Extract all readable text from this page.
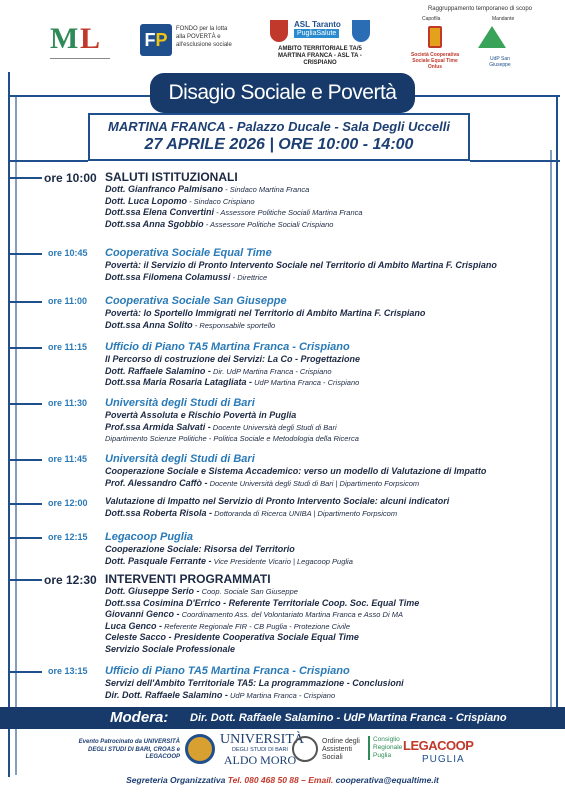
M L FP
FONDO per la lotta alla POVERTÀ e all'esclusione sociale
ASL Taranto
PugliaSalute
AMBITO TERRITORIALE TA/5 MARTINA FRANCA - ASL TA - CRISPIANO
Raggruppamento temporaneo di scopo
Capofila	Mandante
Società Cooperativa Sociale Equal Time Onlus
UdP San Giuseppe
Disagio Sociale e Povertà
MARTINA FRANCA - Palazzo Ducale - Sala Degli Uccelli
27 APRILE 2026 | ORE 10:00 - 14:00
ore 10:00 SALUTI ISTITUZIONALI
Dott. Gianfranco Palmisano - Sindaco Martina Franca
Dott. Luca Lopomo - Sindaco Crispiano
Dott.ssa Elena Convertini - Assessore Politiche Sociali Martina Franca
Dott.ssa Anna Sgobbio - Assessore Politiche Sociali Crispiano
ore 10:45 Cooperativa Sociale Equal Time
Povertà: il Servizio di Pronto Intervento Sociale nel Territorio di Ambito Martina F. Crispiano
Dott.ssa Filomena Colamussi - Direttrice
ore 11:00 Cooperativa Sociale San Giuseppe
Povertà: lo Sportello Immigrati nel Territorio di Ambito Martina F. Crispiano
Dott.ssa Anna Solito - Responsabile sportello
ore 11:15 Ufficio di Piano TA5 Martina Franca - Crispiano
Il Percorso di costruzione dei Servizi: La Co - Progettazione
Dott. Raffaele Salamino - Dir. UdP Martina Franca - Crispiano
Dott.ssa Maria Rosaria Latagliata - UdP Martina Franca - Crispiano
ore 11:30 Università degli Studi di Bari
Povertà Assoluta e Rischio Povertà in Puglia
Prof.ssa Armida Salvati - Docente Università degli Studi di Bari
Dipartimento Scienze Politiche - Politica Sociale e Metodologia della Ricerca
ore 11:45 Università degli Studi di Bari
Cooperazione Sociale e Sistema Accademico: verso un modello di Valutazione di Impatto
Prof. Alessandro Caffò - Docente Università degli Studi di Bari | Dipartimento Forpsicom
ore 12:00 Valutazione di Impatto nel Servizio di Pronto Intervento Sociale: alcuni indicatori
Dott.ssa Roberta Risola - Dottoranda di Ricerca UNIBA | Dipartimento Forpsicom
ore 12:15 Legacoop Puglia
Cooperazione Sociale: Risorsa del Territorio
Dott. Pasquale Ferrante - Vice Presidente Vicario | Legacoop Puglia
ore 12:30 INTERVENTI PROGRAMMATI
Dott. Giuseppe Serio - Coop. Sociale San Giuseppe
Dott.ssa Cosimina D'Errico - Referente Territoriale Coop. Soc. Equal Time
Giovanni Genco - Coordinamento Ass. del Volontariato Martina Franca e Asso Di MA
Luca Genco - Referente Regionale FIR - CB Puglia - Protezione Civile
Celeste Sacco - Presidente Cooperativa Sociale Equal Time
Servizio Sociale Professionale
ore 13:15 Ufficio di Piano TA5 Martina Franca - Crispiano
Servizi dell'Ambito Territoriale TA5: La programmazione - Conclusioni
Dir. Dott. Raffaele Salamino - UdP Martina Franca - Crispiano
Modera: Dir. Dott. Raffaele Salamino - UdP Martina Franca - Crispiano
Evento Patrocinato da UNIVERSITÀ DEGLI STUDI DI BARI, CROAS e LEGACOOP
UNIVERSITÀ
DEGLI STUDI DI BARI
ALDO MORO
Ordine degli Assistenti Sociali
Consiglio Regionale Puglia
LEGACOOP
PUGLIA
Segreteria Organizzativa Tel. 080 468 50 88 – Email. cooperativa@equaltime.it
